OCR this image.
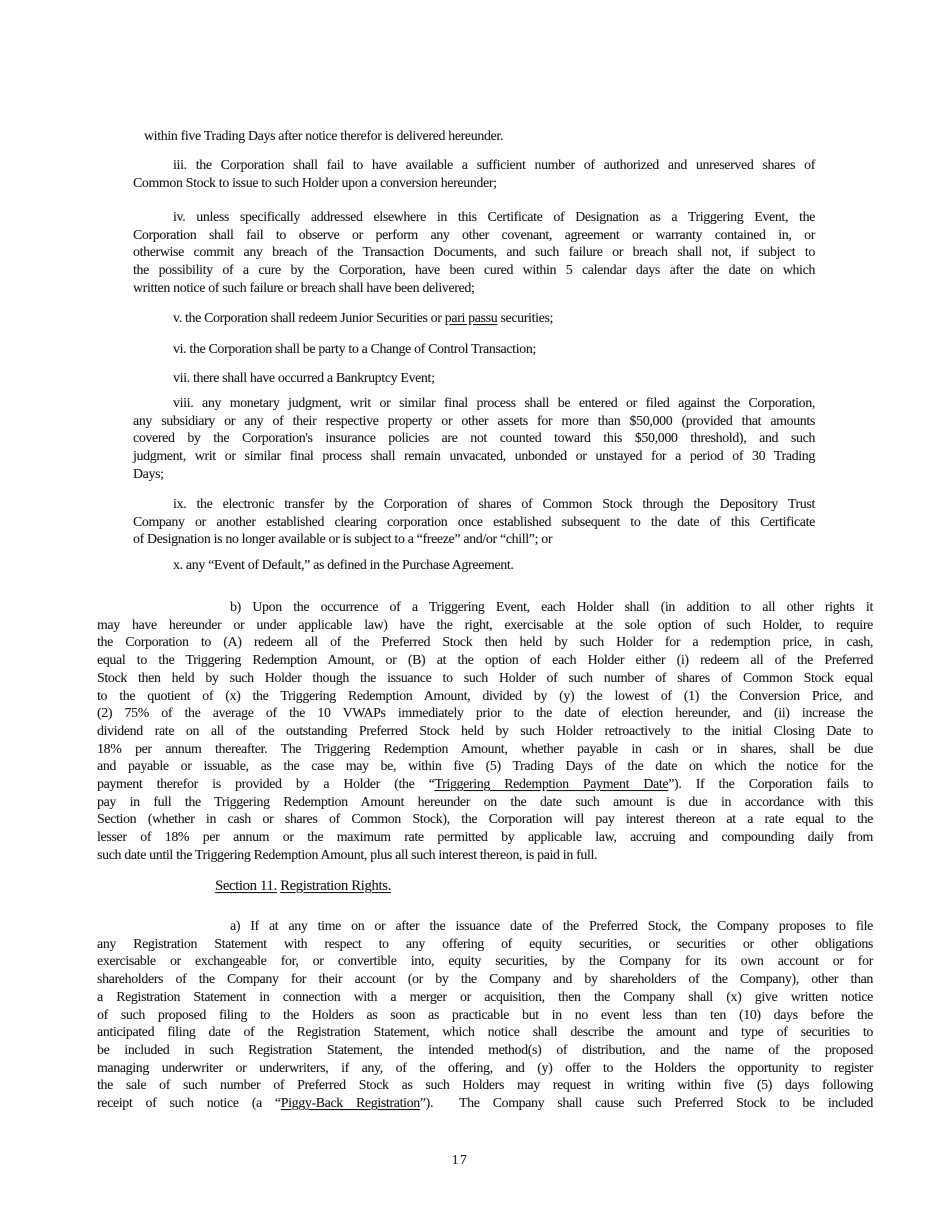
within five Trading Days after notice therefor is delivered hereunder.
iii. the Corporation shall fail to have available a sufficient number of authorized and unreserved shares of
Common Stock to issue to such Holder upon a conversion hereunder;
iv. unless specifically addressed elsewhere in this Certificate of Designation as a Triggering Event, the
Corporation shall fail to observe or perform any other covenant, agreement or warranty contained in, or
otherwise commit any breach of the Transaction Documents, and such failure or breach shall not, if subject to
the possibility of a cure by the Corporation, have been cured within 5 calendar days after the date on which
written notice of such failure or breach shall have been delivered;
v. the Corporation shall redeem Junior Securities or pari passu securities;
vi. the Corporation shall be party to a Change of Control Transaction;
vii. there shall have occurred a Bankruptcy Event;
viii. any monetary judgment, writ or similar final process shall be entered or filed against the Corporation,
any subsidiary or any of their respective property or other assets for more than $50,000 (provided that amounts
covered by the Corporation's insurance policies are not counted toward this $50,000 threshold), and such
judgment, writ or similar final process shall remain unvacated, unbonded or unstayed for a period of 30 Trading
Days;
ix. the electronic transfer by the Corporation of shares of Common Stock through the Depository Trust
Company or another established clearing corporation once established subsequent to the date of this Certificate
of Designation is no longer available or is subject to a “freeze” and/or “chill”; or
x. any “Event of Default,” as defined in the Purchase Agreement.
b) Upon the occurrence of a Triggering Event, each Holder shall (in addition to all other rights it
may have hereunder or under applicable law) have the right, exercisable at the sole option of such Holder, to require
the Corporation to (A) redeem all of the Preferred Stock then held by such Holder for a redemption price, in cash,
equal to the Triggering Redemption Amount, or (B) at the option of each Holder either (i) redeem all of the Preferred
Stock then held by such Holder though the issuance to such Holder of such number of shares of Common Stock equal
to the quotient of (x) the Triggering Redemption Amount, divided by (y) the lowest of (1) the Conversion Price, and
(2) 75% of the average of the 10 VWAPs immediately prior to the date of election hereunder, and (ii) increase the
dividend rate on all of the outstanding Preferred Stock held by such Holder retroactively to the initial Closing Date to
18% per annum thereafter. The Triggering Redemption Amount, whether payable in cash or in shares, shall be due
and payable or issuable, as the case may be, within five (5) Trading Days of the date on which the notice for the
payment therefor is provided by a Holder (the “Triggering Redemption Payment Date”). If the Corporation fails to
pay in full the Triggering Redemption Amount hereunder on the date such amount is due in accordance with this
Section (whether in cash or shares of Common Stock), the Corporation will pay interest thereon at a rate equal to the
lesser of 18% per annum or the maximum rate permitted by applicable law, accruing and compounding daily from
such date until the Triggering Redemption Amount, plus all such interest thereon, is paid in full.
Section 11. Registration Rights.
a) If at any time on or after the issuance date of the Preferred Stock, the Company proposes to file
any Registration Statement with respect to any offering of equity securities, or securities or other obligations
exercisable or exchangeable for, or convertible into, equity securities, by the Company for its own account or for
shareholders of the Company for their account (or by the Company and by shareholders of the Company), other than
a Registration Statement in connection with a merger or acquisition, then the Company shall (x) give written notice
of such proposed filing to the Holders as soon as practicable but in no event less than ten (10) days before the
anticipated filing date of the Registration Statement, which notice shall describe the amount and type of securities to
be included in such Registration Statement, the intended method(s) of distribution, and the name of the proposed
managing underwriter or underwriters, if any, of the offering, and (y) offer to the Holders the opportunity to register
the sale of such number of Preferred Stock as such Holders may request in writing within five (5) days following
receipt of such notice (a “Piggy-Back Registration”).  The Company shall cause such Preferred Stock to be included
17
